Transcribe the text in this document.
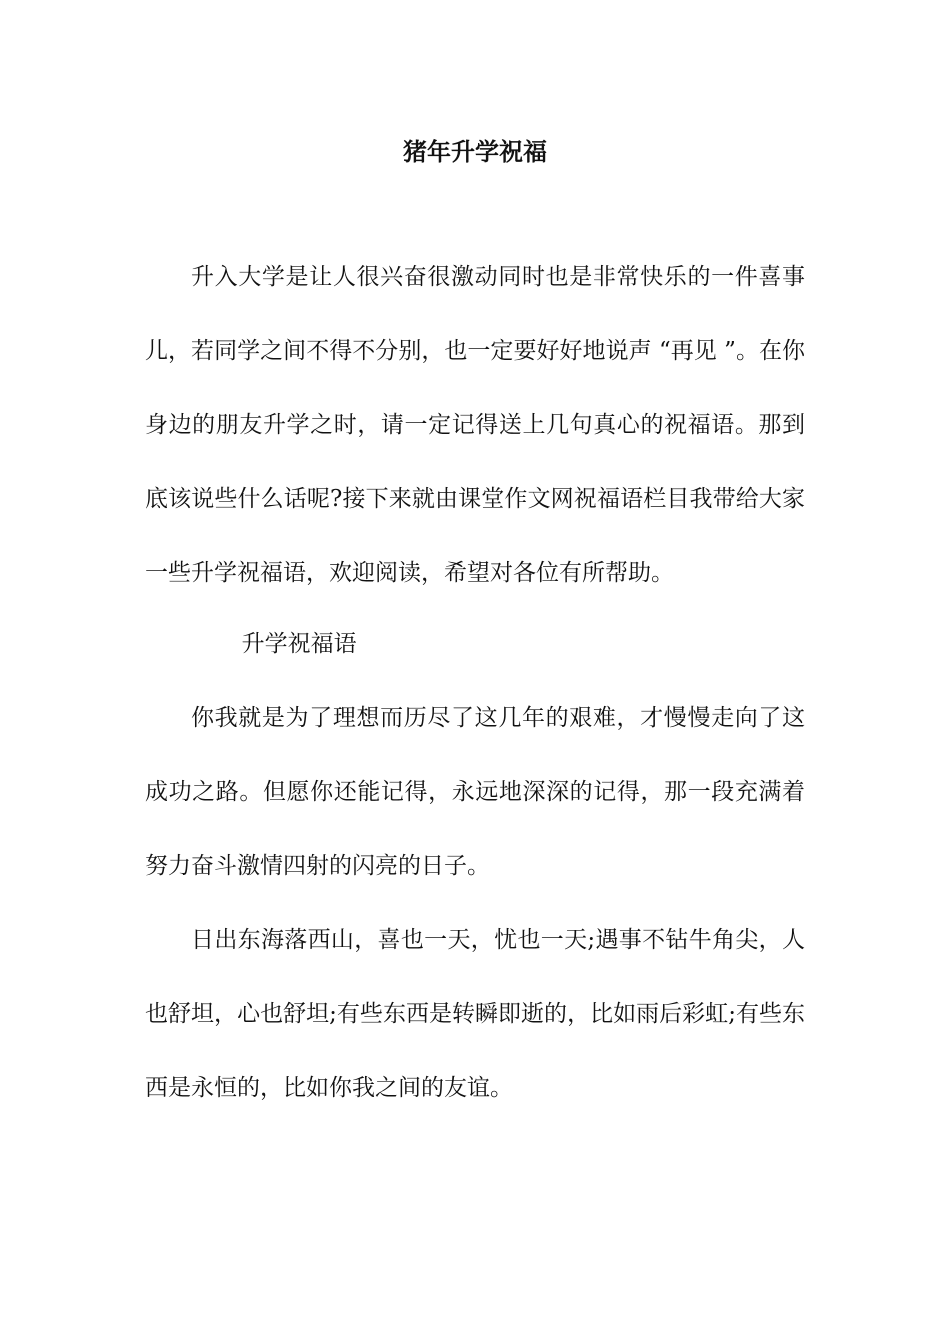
猪年升学祝福

升入大学是让人很兴奋很激动同时也是非常快乐的一件喜事儿，若同学之间不得不分别，也一定要好好地说声 “再见 ”。在你身边的朋友升学之时，请一定记得送上几句真心的祝福语。那到底该说些什么话呢?接下来就由课堂作文网祝福语栏目我带给大家一些升学祝福语，欢迎阅读，希望对各位有所帮助。

升学祝福语

你我就是为了理想而历尽了这几年的艰难，才慢慢走向了这成功之路。但愿你还能记得，永远地深深的记得，那一段充满着努力奋斗激情四射的闪亮的日子。

日出东海落西山，喜也一天，忧也一天;遇事不钻牛角尖，人也舒坦，心也舒坦;有些东西是转瞬即逝的，比如雨后彩虹;有些东西是永恒的，比如你我之间的友谊。
